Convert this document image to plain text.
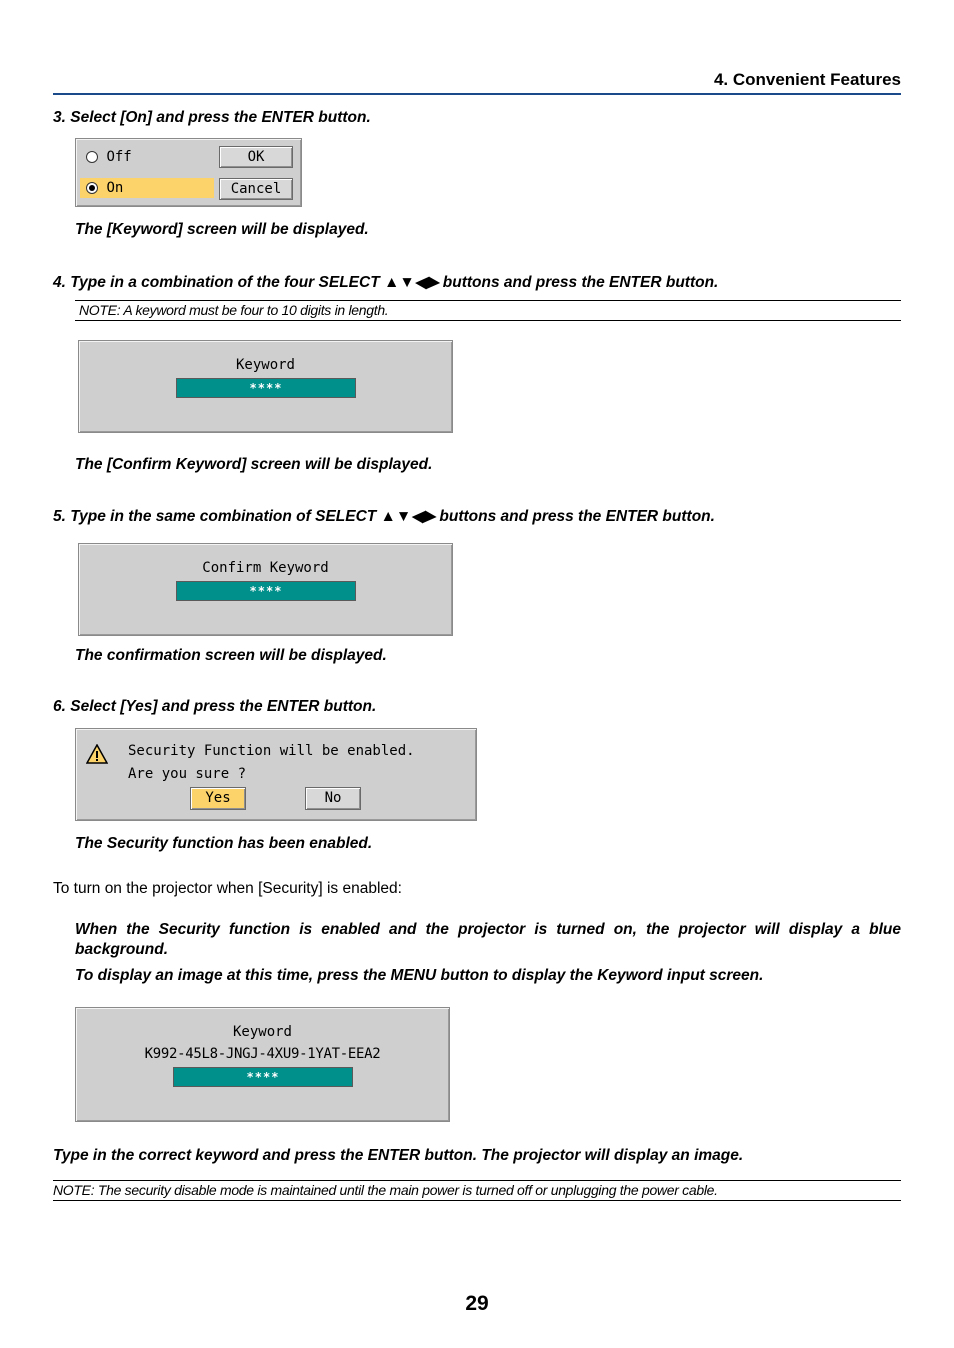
4. Convenient Features
3. Select [On] and press the ENTER button.
Off
On
OK
Cancel
The [Keyword] screen will be displayed.
4. Type in a combination of the four SELECT ▲▼◀▶ buttons and press the ENTER button.
NOTE: A keyword must be four to 10 digits in length.
Keyword
****
The [Confirm Keyword] screen will be displayed.
5. Type in the same combination of SELECT ▲▼◀▶ buttons and press the ENTER button.
Confirm Keyword
****
The confirmation screen will be displayed.
6. Select [Yes] and press the ENTER button.
Security Function will be enabled.
Are you sure ?
Yes	No
The Security function has been enabled.
To turn on the projector when [Security] is enabled:
When the Security function is enabled and the projector is turned on, the projector will display a blue background.
To display an image at this time, press the MENU button to display the Keyword input screen.
Keyword
K992-45L8-JNGJ-4XU9-1YAT-EEA2
****
Type in the correct keyword and press the ENTER button. The projector will display an image.
NOTE: The security disable mode is maintained until the main power is turned off or unplugging the power cable.
29
